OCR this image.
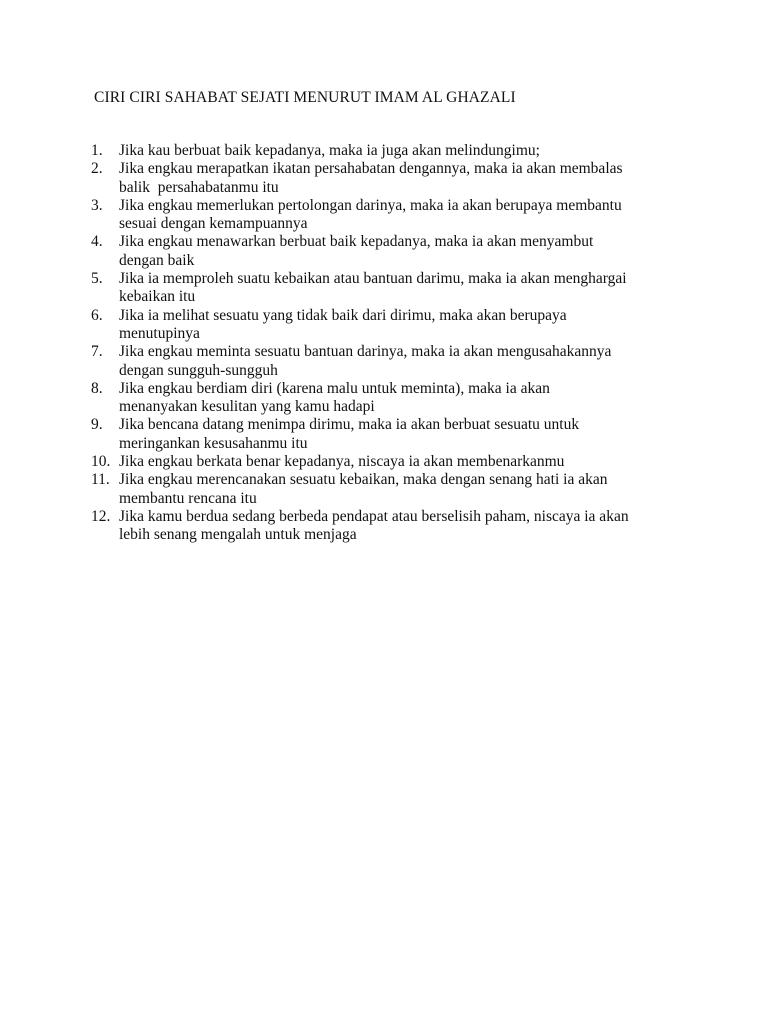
CIRI CIRI SAHABAT SEJATI MENURUT IMAM AL GHAZALI
1. Jika kau berbuat baik kepadanya, maka ia juga akan melindungimu;
2. Jika engkau merapatkan ikatan persahabatan dengannya, maka ia akan membalas
balik  persahabatanmu itu
3. Jika engkau memerlukan pertolongan darinya, maka ia akan berupaya membantu
sesuai dengan kemampuannya
4. Jika engkau menawarkan berbuat baik kepadanya, maka ia akan menyambut
dengan baik
5. Jika ia memproleh suatu kebaikan atau bantuan darimu, maka ia akan menghargai
kebaikan itu
6. Jika ia melihat sesuatu yang tidak baik dari dirimu, maka akan berupaya
menutupinya
7. Jika engkau meminta sesuatu bantuan darinya, maka ia akan mengusahakannya
dengan sungguh-sungguh
8. Jika engkau berdiam diri (karena malu untuk meminta), maka ia akan
menanyakan kesulitan yang kamu hadapi
9. Jika bencana datang menimpa dirimu, maka ia akan berbuat sesuatu untuk
meringankan kesusahanmu itu
10. Jika engkau berkata benar kepadanya, niscaya ia akan membenarkanmu
11. Jika engkau merencanakan sesuatu kebaikan, maka dengan senang hati ia akan
membantu rencana itu
12. Jika kamu berdua sedang berbeda pendapat atau berselisih paham, niscaya ia akan
lebih senang mengalah untuk menjaga
